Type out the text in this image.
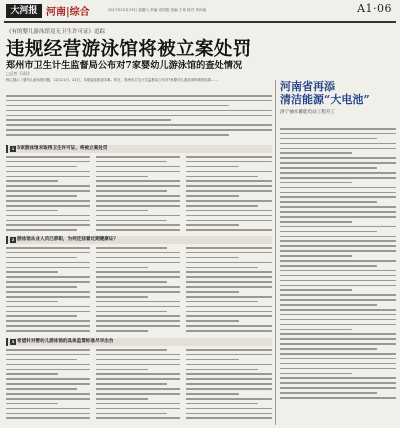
大河报 河南|综合	2017年12月23日 星期六 责编 邓国强 美编 王伟 校对 李向南	A1·06
《有的婴儿游泳馆竟无卫生许可证》追踪
违规经营游泳馆将被立案处罚
郑州市卫生计生监督局公布对7家婴幼儿游泳馆的查处情况
□记者 于清洋

核心提示丨婴幼儿游泳馆问题，12月21日、22日，本报接连报道本事。昨日，郑州市卫生计生监督局公布对7家婴幼儿游泳馆的调查结果……

1 5家游泳馆未取得卫生许可证，将被立案处罚
2 游泳馆从业人员已辞职，为何还挂着过期健康证？
3 希望针对婴幼儿游泳馆的具体监管标准尽早出台
河南省再添
清洁能源“大电池”
洛宁抽水蓄能电站工程开工
